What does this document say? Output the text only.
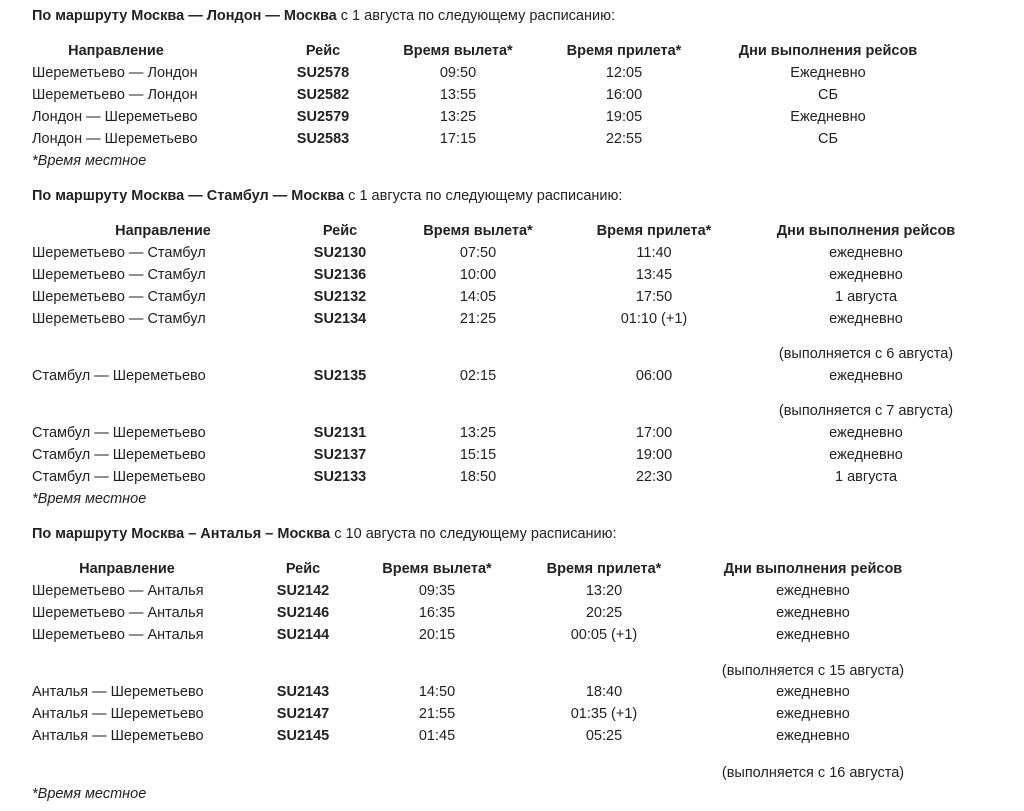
По маршруту Москва — Лондон — Москва с 1 августа по следующему расписанию:
Направление	Рейс	Время вылета*	Время прилета*	Дни выполнения рейсов
Шереметьево — Лондон	SU2578	09:50	12:05	Ежедневно
Шереметьево — Лондон	SU2582	13:55	16:00	СБ
Лондон — Шереметьево	SU2579	13:25	19:05	Ежедневно
Лондон — Шереметьево	SU2583	17:15	22:55	СБ
*Время местное
По маршруту Москва — Стамбул — Москва с 1 августа по следующему расписанию:
Направление	Рейс	Время вылета*	Время прилета*	Дни выполнения рейсов
Шереметьево — Стамбул	SU2130	07:50	11:40	ежедневно
Шереметьево — Стамбул	SU2136	10:00	13:45	ежедневно
Шереметьево — Стамбул	SU2132	14:05	17:50	1 августа
Шереметьево — Стамбул	SU2134	21:25	01:10 (+1)	ежедневно
(выполняется с 6 августа)
Стамбул — Шереметьево	SU2135	02:15	06:00	ежедневно
(выполняется с 7 августа)
Стамбул — Шереметьево	SU2131	13:25	17:00	ежедневно
Стамбул — Шереметьево	SU2137	15:15	19:00	ежедневно
Стамбул — Шереметьево	SU2133	18:50	22:30	1 августа
*Время местное
По маршруту Москва – Анталья – Москва с 10 августа по следующему расписанию:
Направление	Рейс	Время вылета*	Время прилета*	Дни выполнения рейсов
Шереметьево — Анталья	SU2142	09:35	13:20	ежедневно
Шереметьево — Анталья	SU2146	16:35	20:25	ежедневно
Шереметьево — Анталья	SU2144	20:15	00:05 (+1)	ежедневно
(выполняется с 15 августа)
Анталья — Шереметьево	SU2143	14:50	18:40	ежедневно
Анталья — Шереметьево	SU2147	21:55	01:35 (+1)	ежедневно
Анталья — Шереметьево	SU2145	01:45	05:25	ежедневно
(выполняется с 16 августа)
*Время местное
